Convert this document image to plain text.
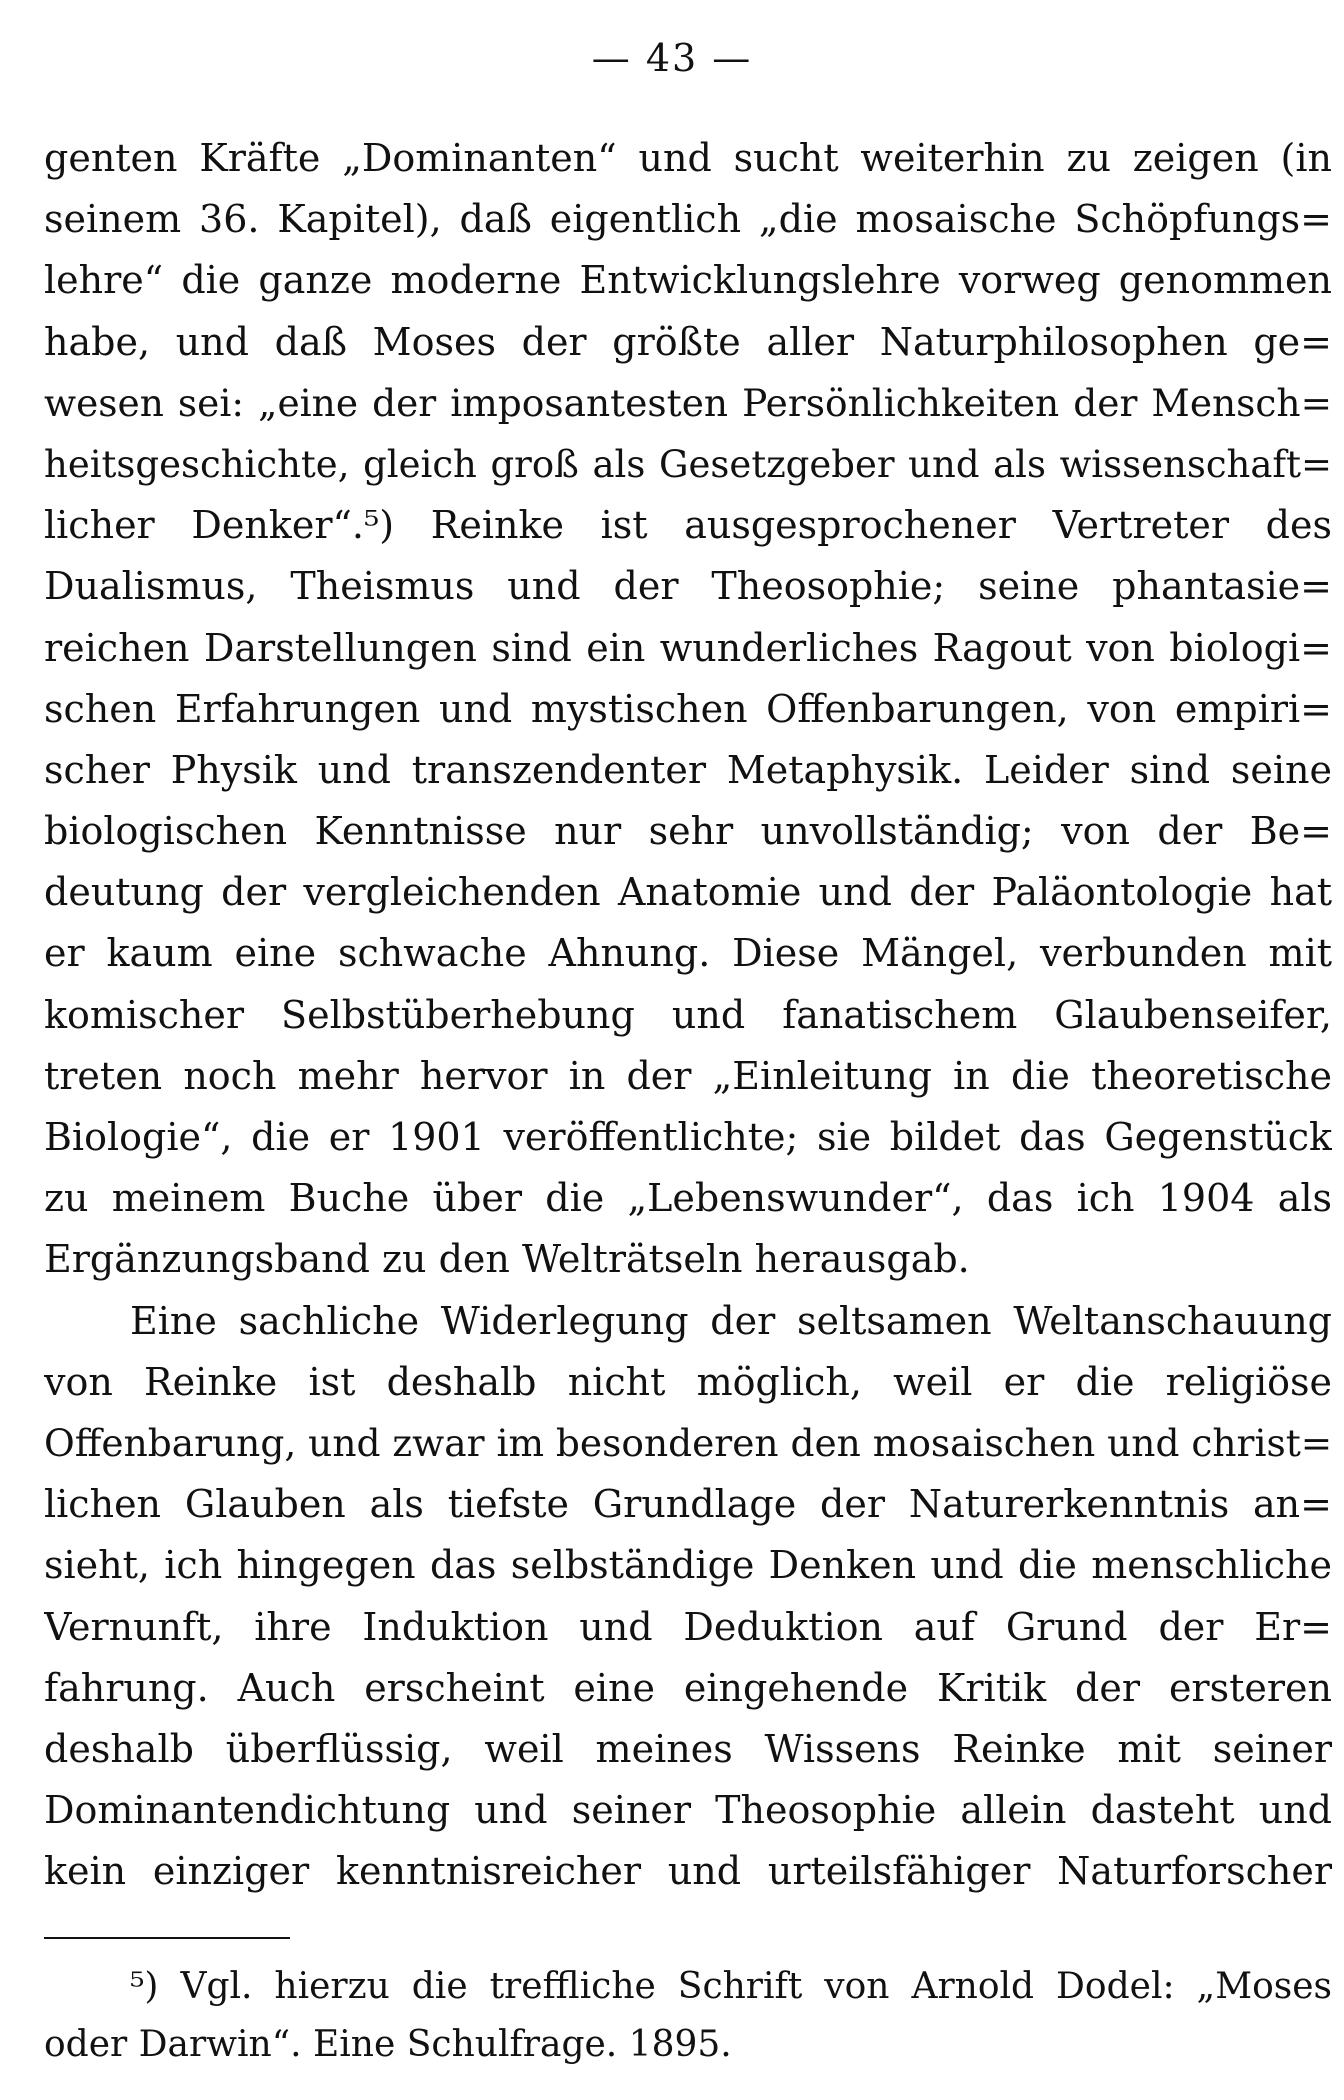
— 43 —
genten Kräfte „Dominanten“ und sucht weiterhin zu zeigen (in
seinem 36. Kapitel), daß eigentlich „die mosaische Schöpfungs=
lehre“ die ganze moderne Entwicklungslehre vorweg genommen
habe, und daß Moses der größte aller Naturphilosophen ge=
wesen sei: „eine der imposantesten Persönlichkeiten der Mensch=
heitsgeschichte, gleich groß als Gesetzgeber und als wissenschaft=
licher Denker“.⁵) Reinke ist ausgesprochener Vertreter des
Dualismus, Theismus und der Theosophie; seine phantasie=
reichen Darstellungen sind ein wunderliches Ragout von biologi=
schen Erfahrungen und mystischen Offenbarungen, von empiri=
scher Physik und transzendenter Metaphysik. Leider sind seine
biologischen Kenntnisse nur sehr unvollständig; von der Be=
deutung der vergleichenden Anatomie und der Paläontologie hat
er kaum eine schwache Ahnung. Diese Mängel, verbunden mit
komischer Selbstüberhebung und fanatischem Glaubenseifer,
treten noch mehr hervor in der „Einleitung in die theoretische
Biologie“, die er 1901 veröffentlichte; sie bildet das Gegenstück
zu meinem Buche über die „Lebenswunder“, das ich 1904 als
Ergänzungsband zu den Welträtseln herausgab.
Eine sachliche Widerlegung der seltsamen Weltanschauung
von Reinke ist deshalb nicht möglich, weil er die religiöse
Offenbarung, und zwar im besonderen den mosaischen und christ=
lichen Glauben als tiefste Grundlage der Naturerkenntnis an=
sieht, ich hingegen das selbständige Denken und die menschliche
Vernunft, ihre Induktion und Deduktion auf Grund der Er=
fahrung. Auch erscheint eine eingehende Kritik der ersteren
deshalb überflüssig, weil meines Wissens Reinke mit seiner
Dominantendichtung und seiner Theosophie allein dasteht und
kein einziger kenntnisreicher und urteilsfähiger Naturforscher
⁵) Vgl. hierzu die treffliche Schrift von Arnold Dodel: „Moses
oder Darwin“. Eine Schulfrage. 1895.
